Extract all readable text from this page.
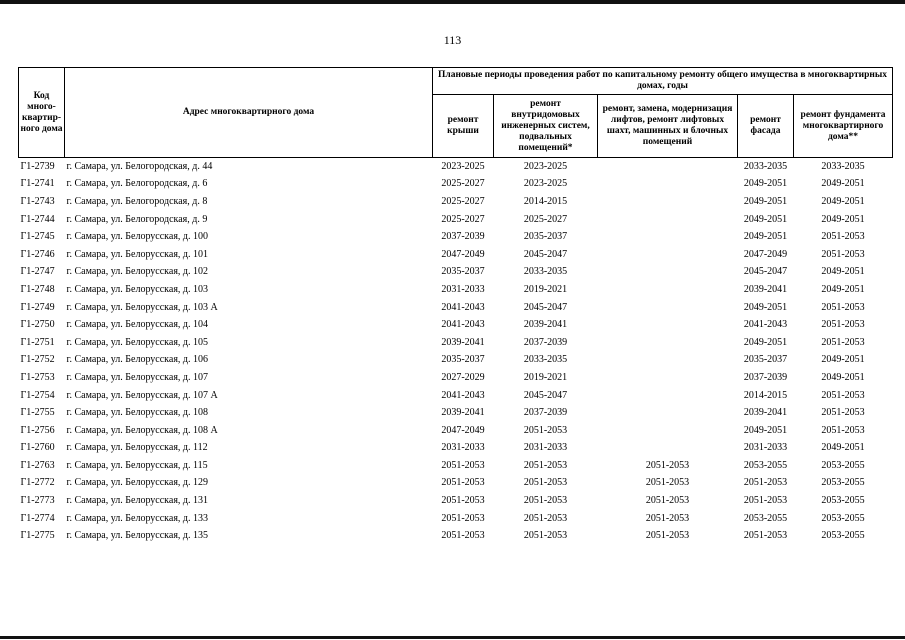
113
Код много-квартир-ного дома	Адрес многоквартирного дома	Плановые периоды проведения работ по капитальному ремонту общего имущества в многоквартирных домах, годы				
		ремонт крыши	ремонт внутридомовых инженерных систем, подвальных помещений*	ремонт, замена, модернизация лифтов, ремонт лифтовых шахт, машинных и блочных помещений	ремонт фасада	ремонт фундамента многоквартирного дома**
Г1-2739	г. Самара, ул. Белогородская, д. 44	2023-2025	2023-2025		2033-2035	2033-2035
Г1-2741	г. Самара, ул. Белогородская, д. 6	2025-2027	2023-2025		2049-2051	2049-2051
Г1-2743	г. Самара, ул. Белогородская, д. 8	2025-2027	2014-2015		2049-2051	2049-2051
Г1-2744	г. Самара, ул. Белогородская, д. 9	2025-2027	2025-2027		2049-2051	2049-2051
Г1-2745	г. Самара, ул. Белорусская, д. 100	2037-2039	2035-2037		2049-2051	2051-2053
Г1-2746	г. Самара, ул. Белорусская, д. 101	2047-2049	2045-2047		2047-2049	2051-2053
Г1-2747	г. Самара, ул. Белорусская, д. 102	2035-2037	2033-2035		2045-2047	2049-2051
Г1-2748	г. Самара, ул. Белорусская, д. 103	2031-2033	2019-2021		2039-2041	2049-2051
Г1-2749	г. Самара, ул. Белорусская, д. 103 А	2041-2043	2045-2047		2049-2051	2051-2053
Г1-2750	г. Самара, ул. Белорусская, д. 104	2041-2043	2039-2041		2041-2043	2051-2053
Г1-2751	г. Самара, ул. Белорусская, д. 105	2039-2041	2037-2039		2049-2051	2051-2053
Г1-2752	г. Самара, ул. Белорусская, д. 106	2035-2037	2033-2035		2035-2037	2049-2051
Г1-2753	г. Самара, ул. Белорусская, д. 107	2027-2029	2019-2021		2037-2039	2049-2051
Г1-2754	г. Самара, ул. Белорусская, д. 107 А	2041-2043	2045-2047		2014-2015	2051-2053
Г1-2755	г. Самара, ул. Белорусская, д. 108	2039-2041	2037-2039		2039-2041	2051-2053
Г1-2756	г. Самара, ул. Белорусская, д. 108 А	2047-2049	2051-2053		2049-2051	2051-2053
Г1-2760	г. Самара, ул. Белорусская, д. 112	2031-2033	2031-2033		2031-2033	2049-2051
Г1-2763	г. Самара, ул. Белорусская, д. 115	2051-2053	2051-2053	2051-2053	2053-2055	2053-2055
Г1-2772	г. Самара, ул. Белорусская, д. 129	2051-2053	2051-2053	2051-2053	2051-2053	2053-2055
Г1-2773	г. Самара, ул. Белорусская, д. 131	2051-2053	2051-2053	2051-2053	2051-2053	2053-2055
Г1-2774	г. Самара, ул. Белорусская, д. 133	2051-2053	2051-2053	2051-2053	2053-2055	2053-2055
Г1-2775	г. Самара, ул. Белорусская, д. 135	2051-2053	2051-2053	2051-2053	2051-2053	2053-2055
